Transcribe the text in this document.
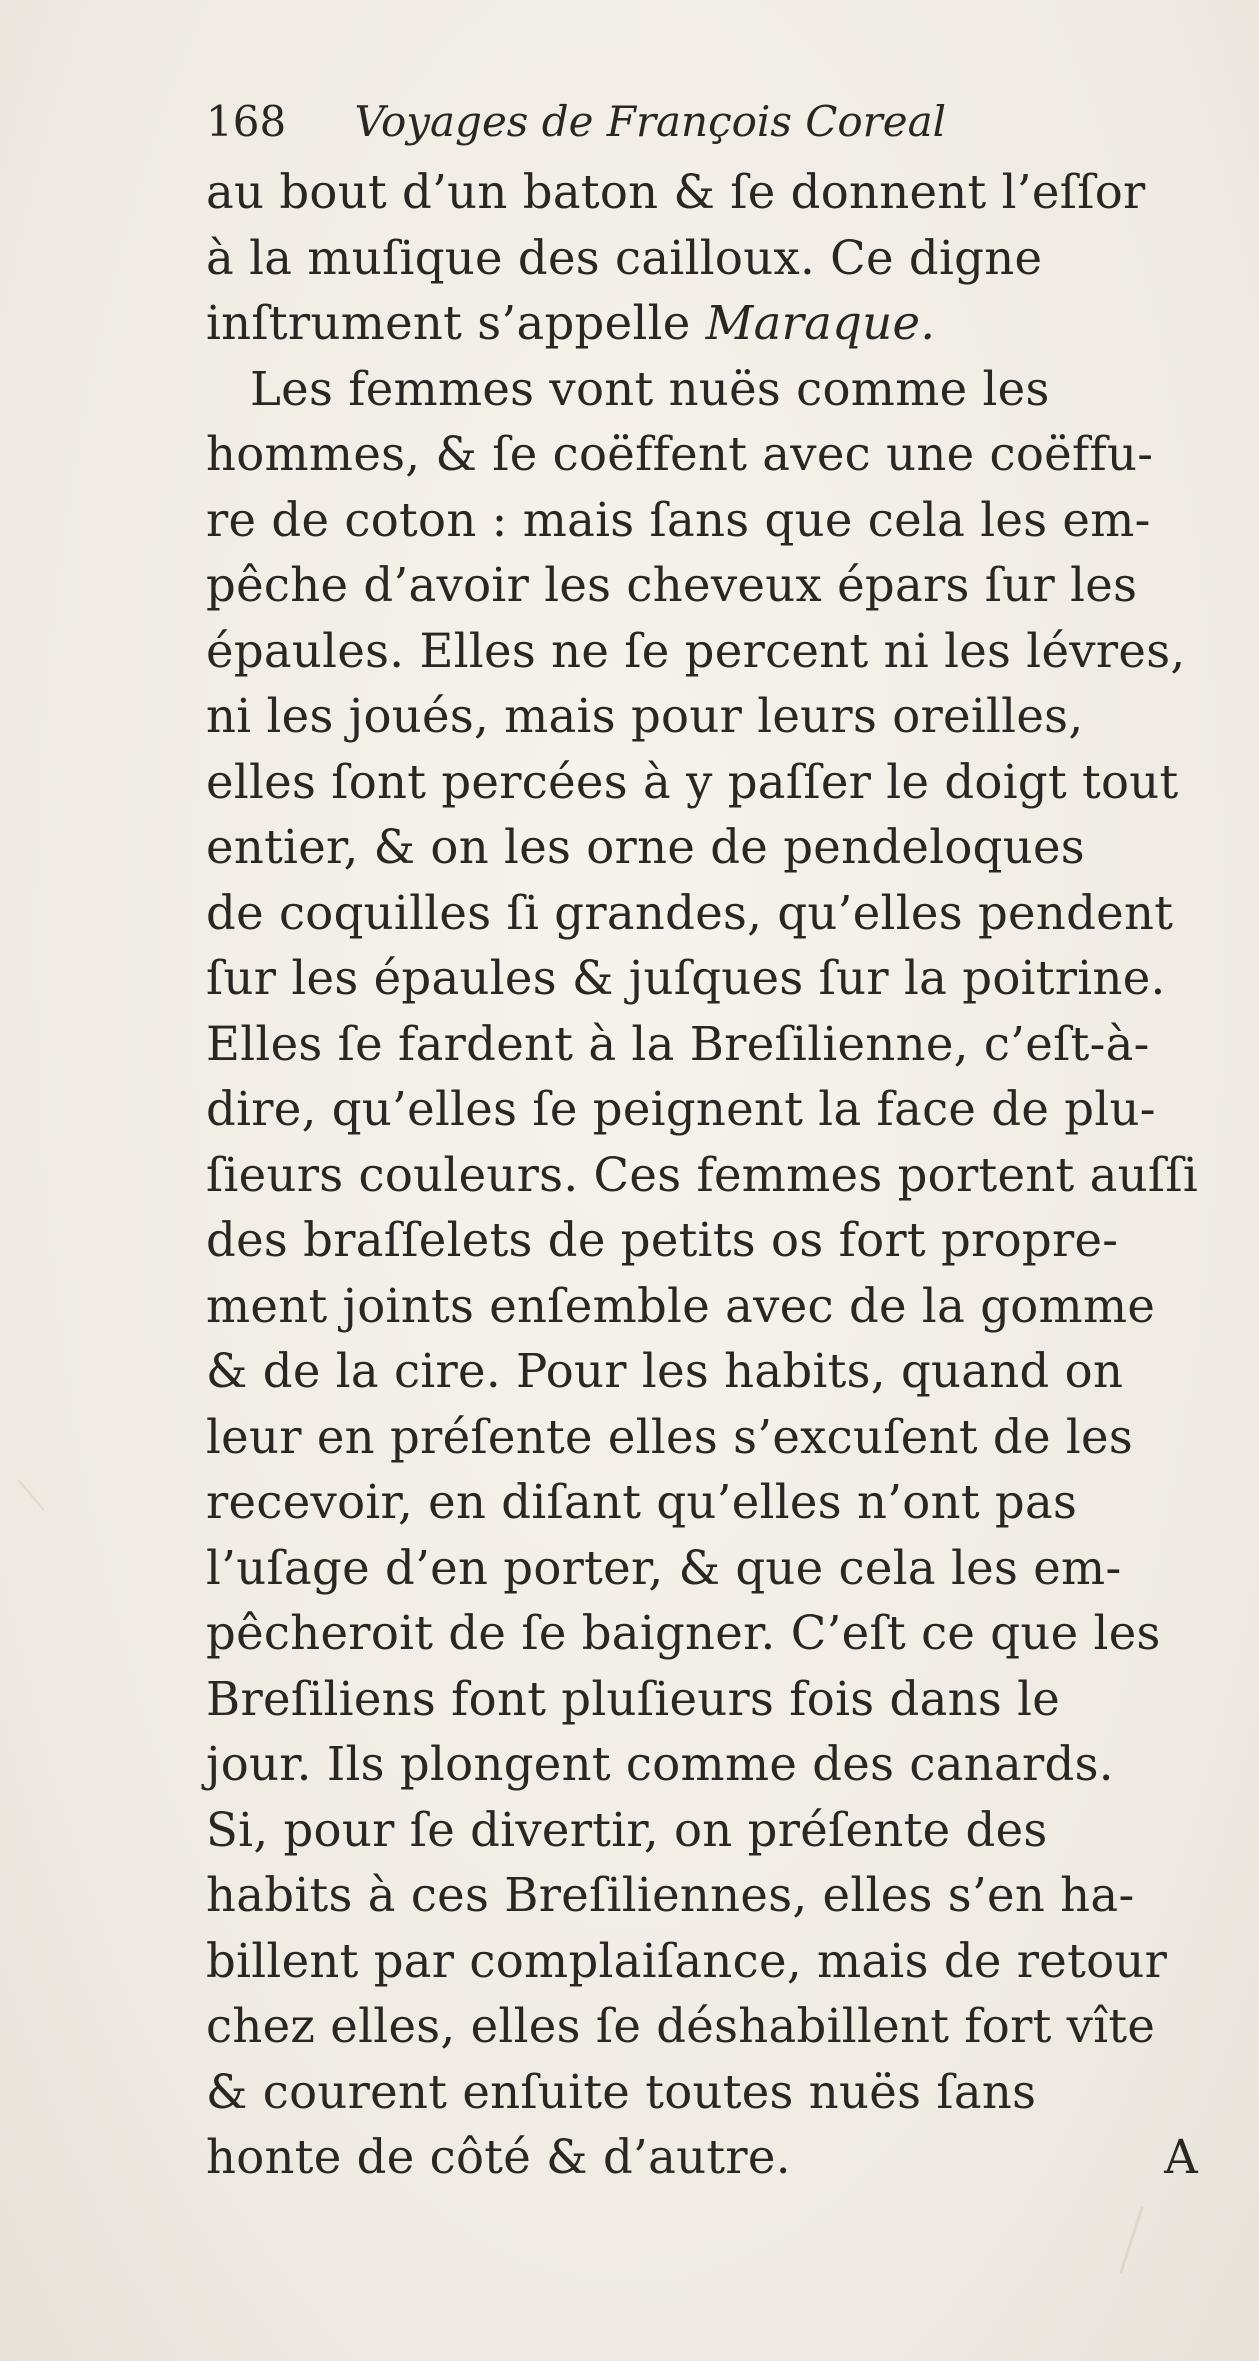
168 Voyages de François Coreal
au bout d’un baton & ſe donnent l’eſſor
à la muſique des cailloux. Ce digne
inſtrument s’appelle Maraque.
Les femmes vont nuës comme les
hommes, & ſe coëffent avec une coëffu-
re de coton : mais ſans que cela les em-
pêche d’avoir les cheveux épars ſur les
épaules. Elles ne ſe percent ni les lévres,
ni les joués, mais pour leurs oreilles,
elles ſont percées à y paſſer le doigt tout
entier, & on les orne de pendeloques
de coquilles ſi grandes, qu’elles pendent
ſur les épaules & juſques ſur la poitrine.
Elles ſe fardent à la Breſilienne, c’eſt-à-
dire, qu’elles ſe peignent la face de plu-
ſieurs couleurs. Ces femmes portent auſſi
des braſſelets de petits os fort propre-
ment joints enſemble avec de la gomme
& de la cire. Pour les habits, quand on
leur en préſente elles s’excuſent de les
recevoir, en diſant qu’elles n’ont pas
l’uſage d’en porter, & que cela les em-
pêcheroit de ſe baigner. C’eſt ce que les
Breſiliens font pluſieurs fois dans le
jour. Ils plongent comme des canards.
Si, pour ſe divertir, on préſente des
habits à ces Breſiliennes, elles s’en ha-
billent par complaiſance, mais de retour
chez elles, elles ſe déshabillent fort vîte
& courent enſuite toutes nuës ſans
honte de côté & d’autre.	A
